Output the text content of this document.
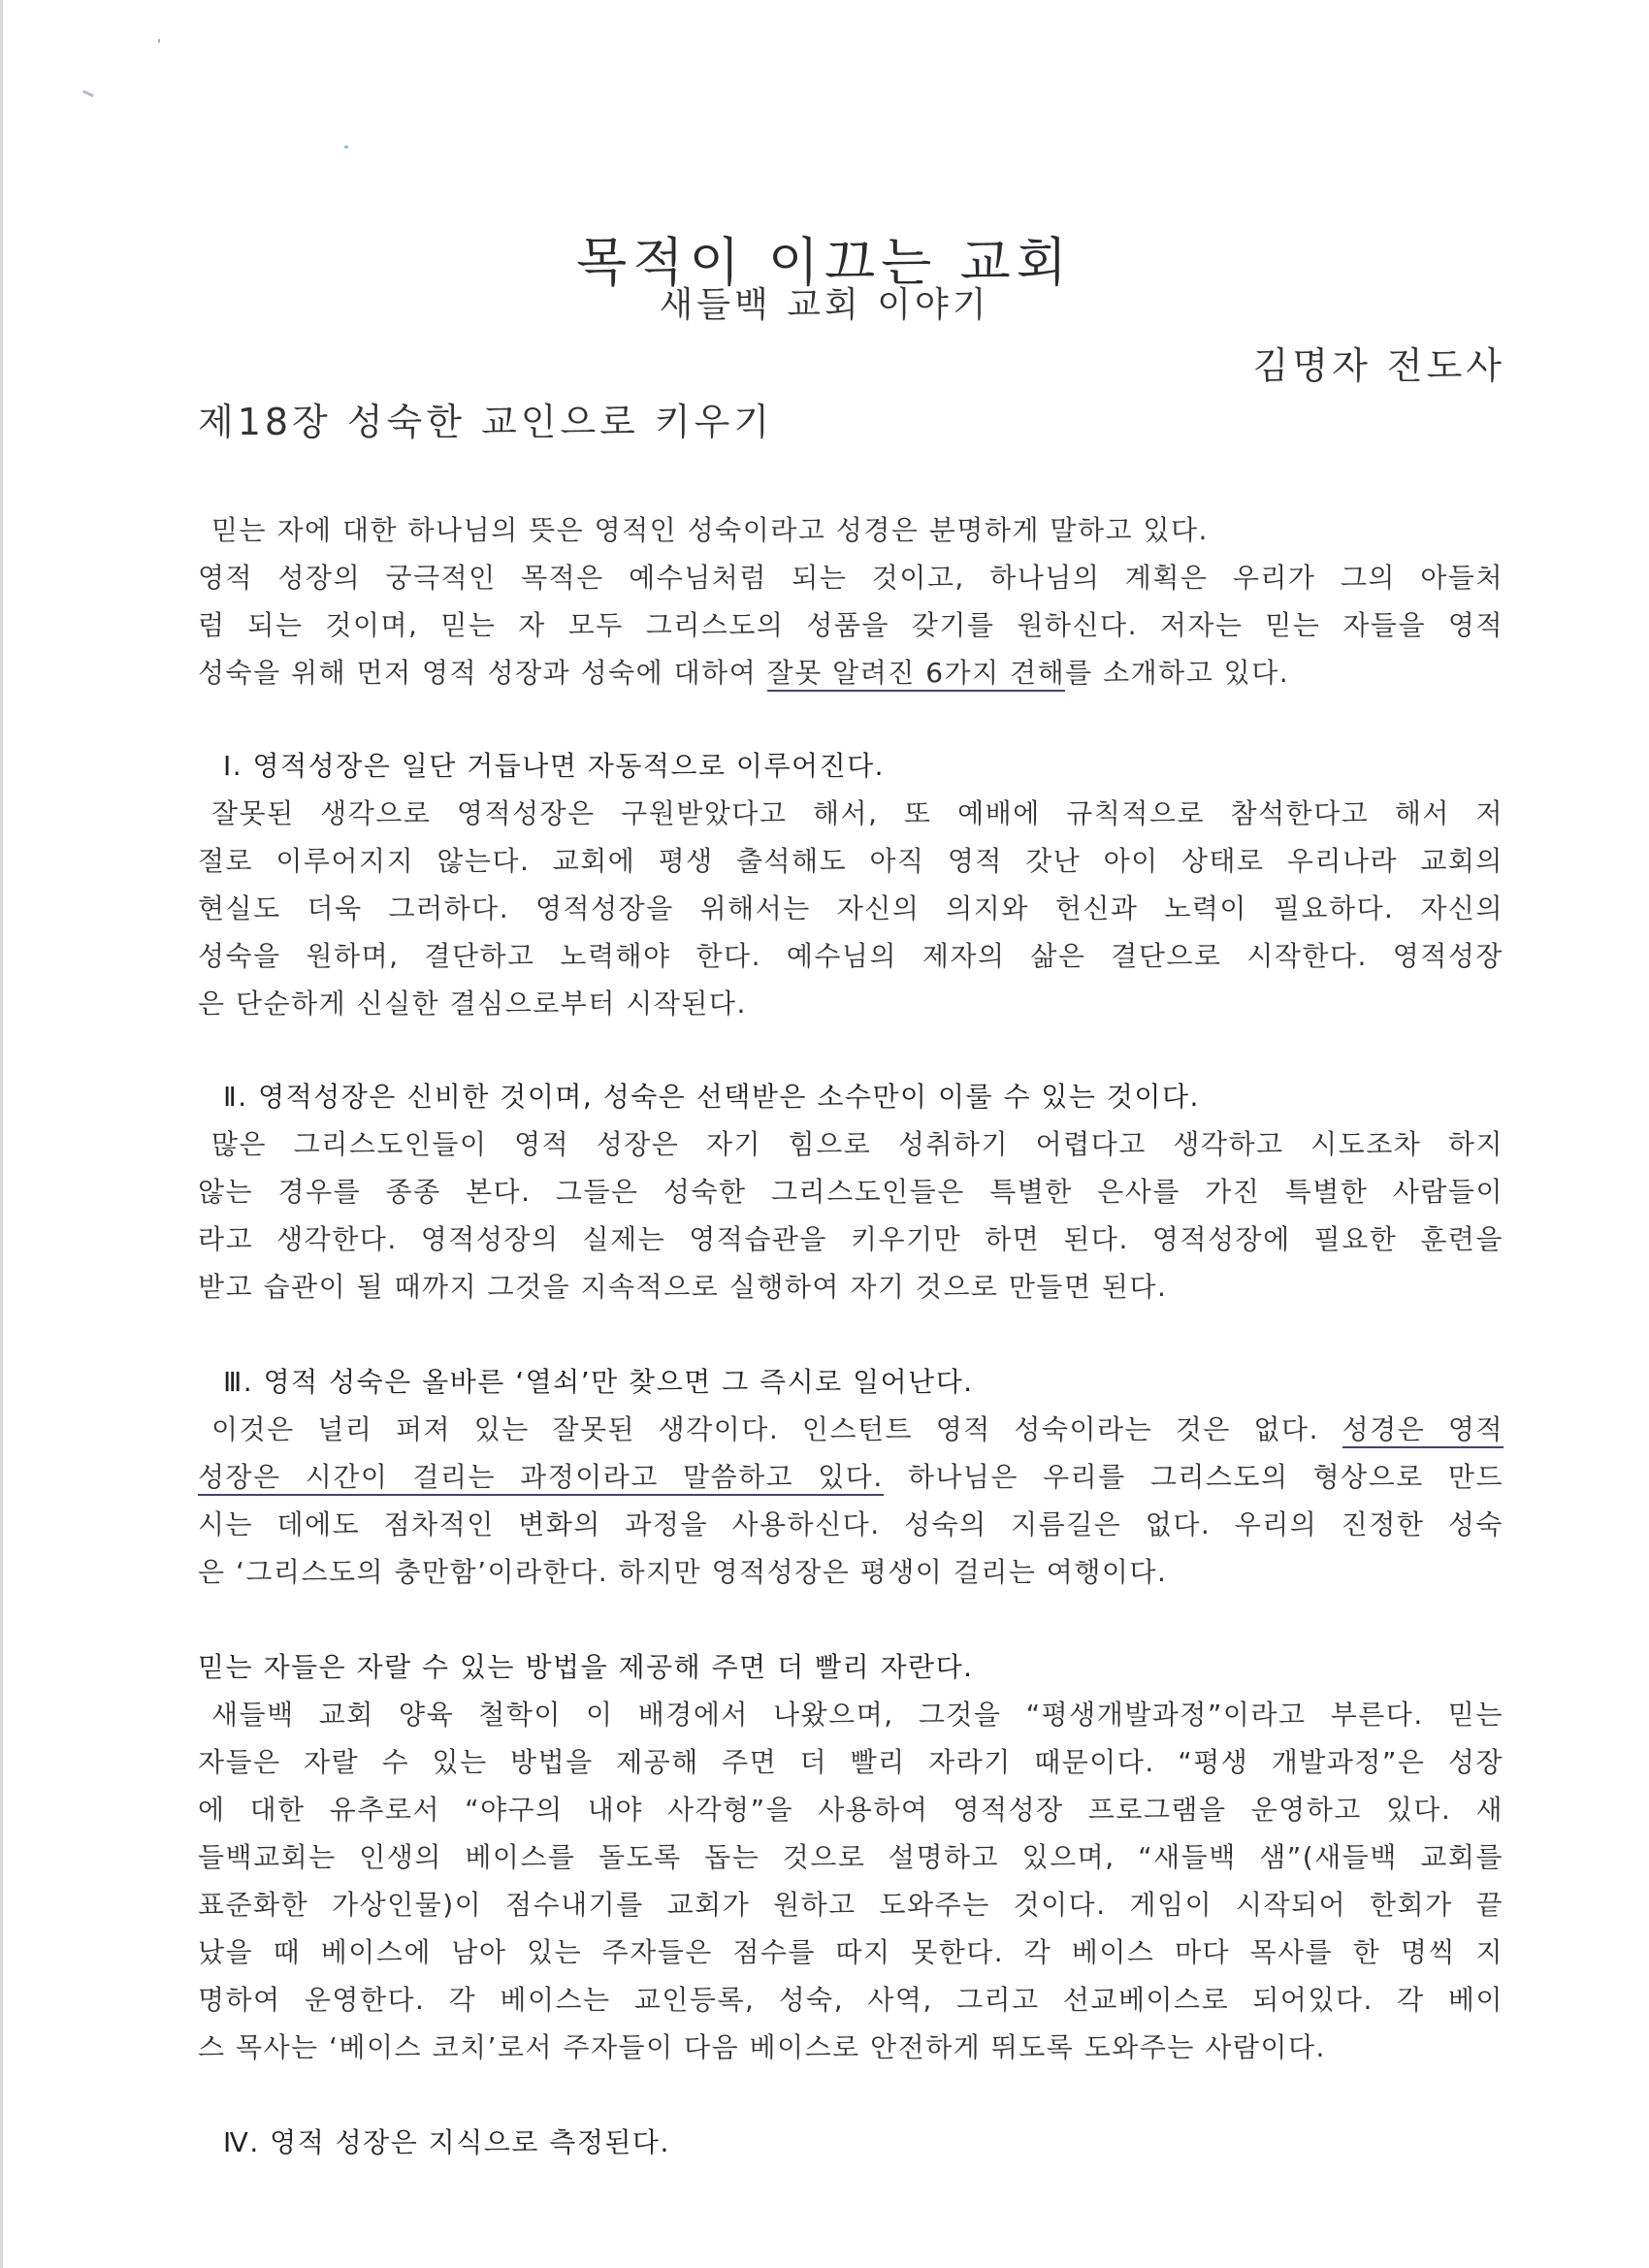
목적이 이끄는 교회
새들백 교회 이야기
김명자 전도사
제18장 성숙한 교인으로 키우기
믿는 자에 대한 하나님의 뜻은 영적인 성숙이라고 성경은 분명하게 말하고 있다.
영적 성장의 궁극적인 목적은 예수님처럼 되는 것이고, 하나님의 계획은 우리가 그의 아들처
럼 되는 것이며, 믿는 자 모두 그리스도의 성품을 갖기를 원하신다. 저자는 믿는 자들을 영적
성숙을 위해 먼저 영적 성장과 성숙에 대하여 잘못 알려진 6가지 견해를 소개하고 있다.
Ⅰ. 영적성장은 일단 거듭나면 자동적으로 이루어진다.
잘못된 생각으로 영적성장은 구원받았다고 해서, 또 예배에 규칙적으로 참석한다고 해서 저
절로 이루어지지 않는다. 교회에 평생 출석해도 아직 영적 갓난 아이 상태로 우리나라 교회의
현실도 더욱 그러하다. 영적성장을 위해서는 자신의 의지와 헌신과 노력이 필요하다. 자신의
성숙을 원하며, 결단하고 노력해야 한다. 예수님의 제자의 삶은 결단으로 시작한다. 영적성장
은 단순하게 신실한 결심으로부터 시작된다.
Ⅱ. 영적성장은 신비한 것이며, 성숙은 선택받은 소수만이 이룰 수 있는 것이다.
많은 그리스도인들이 영적 성장은 자기 힘으로 성취하기 어렵다고 생각하고 시도조차 하지
않는 경우를 종종 본다. 그들은 성숙한 그리스도인들은 특별한 은사를 가진 특별한 사람들이
라고 생각한다. 영적성장의 실제는 영적습관을 키우기만 하면 된다. 영적성장에 필요한 훈련을
받고 습관이 될 때까지 그것을 지속적으로 실행하여 자기 것으로 만들면 된다.
Ⅲ. 영적 성숙은 올바른 ‘열쇠’만 찾으면 그 즉시로 일어난다.
이것은 널리 퍼져 있는 잘못된 생각이다. 인스턴트 영적 성숙이라는 것은 없다. 성경은 영적
성장은 시간이 걸리는 과정이라고 말씀하고 있다. 하나님은 우리를 그리스도의 형상으로 만드
시는 데에도 점차적인 변화의 과정을 사용하신다. 성숙의 지름길은 없다. 우리의 진정한 성숙
은 ‘그리스도의 충만함’이라한다. 하지만 영적성장은 평생이 걸리는 여행이다.
믿는 자들은 자랄 수 있는 방법을 제공해 주면 더 빨리 자란다.
새들백 교회 양육 철학이 이 배경에서 나왔으며, 그것을 “평생개발과정”이라고 부른다. 믿는
자들은 자랄 수 있는 방법을 제공해 주면 더 빨리 자라기 때문이다. “평생 개발과정”은 성장
에 대한 유추로서 “야구의 내야 사각형”을 사용하여 영적성장 프로그램을 운영하고 있다. 새
들백교회는 인생의 베이스를 돌도록 돕는 것으로 설명하고 있으며, “새들백 샘”(새들백 교회를
표준화한 가상인물)이 점수내기를 교회가 원하고 도와주는 것이다. 게임이 시작되어 한회가 끝
났을 때 베이스에 남아 있는 주자들은 점수를 따지 못한다. 각 베이스 마다 목사를 한 명씩 지
명하여 운영한다. 각 베이스는 교인등록, 성숙, 사역, 그리고 선교베이스로 되어있다. 각 베이
스 목사는 ‘베이스 코치’로서 주자들이 다음 베이스로 안전하게 뛰도록 도와주는 사람이다.
Ⅳ. 영적 성장은 지식으로 측정된다.
